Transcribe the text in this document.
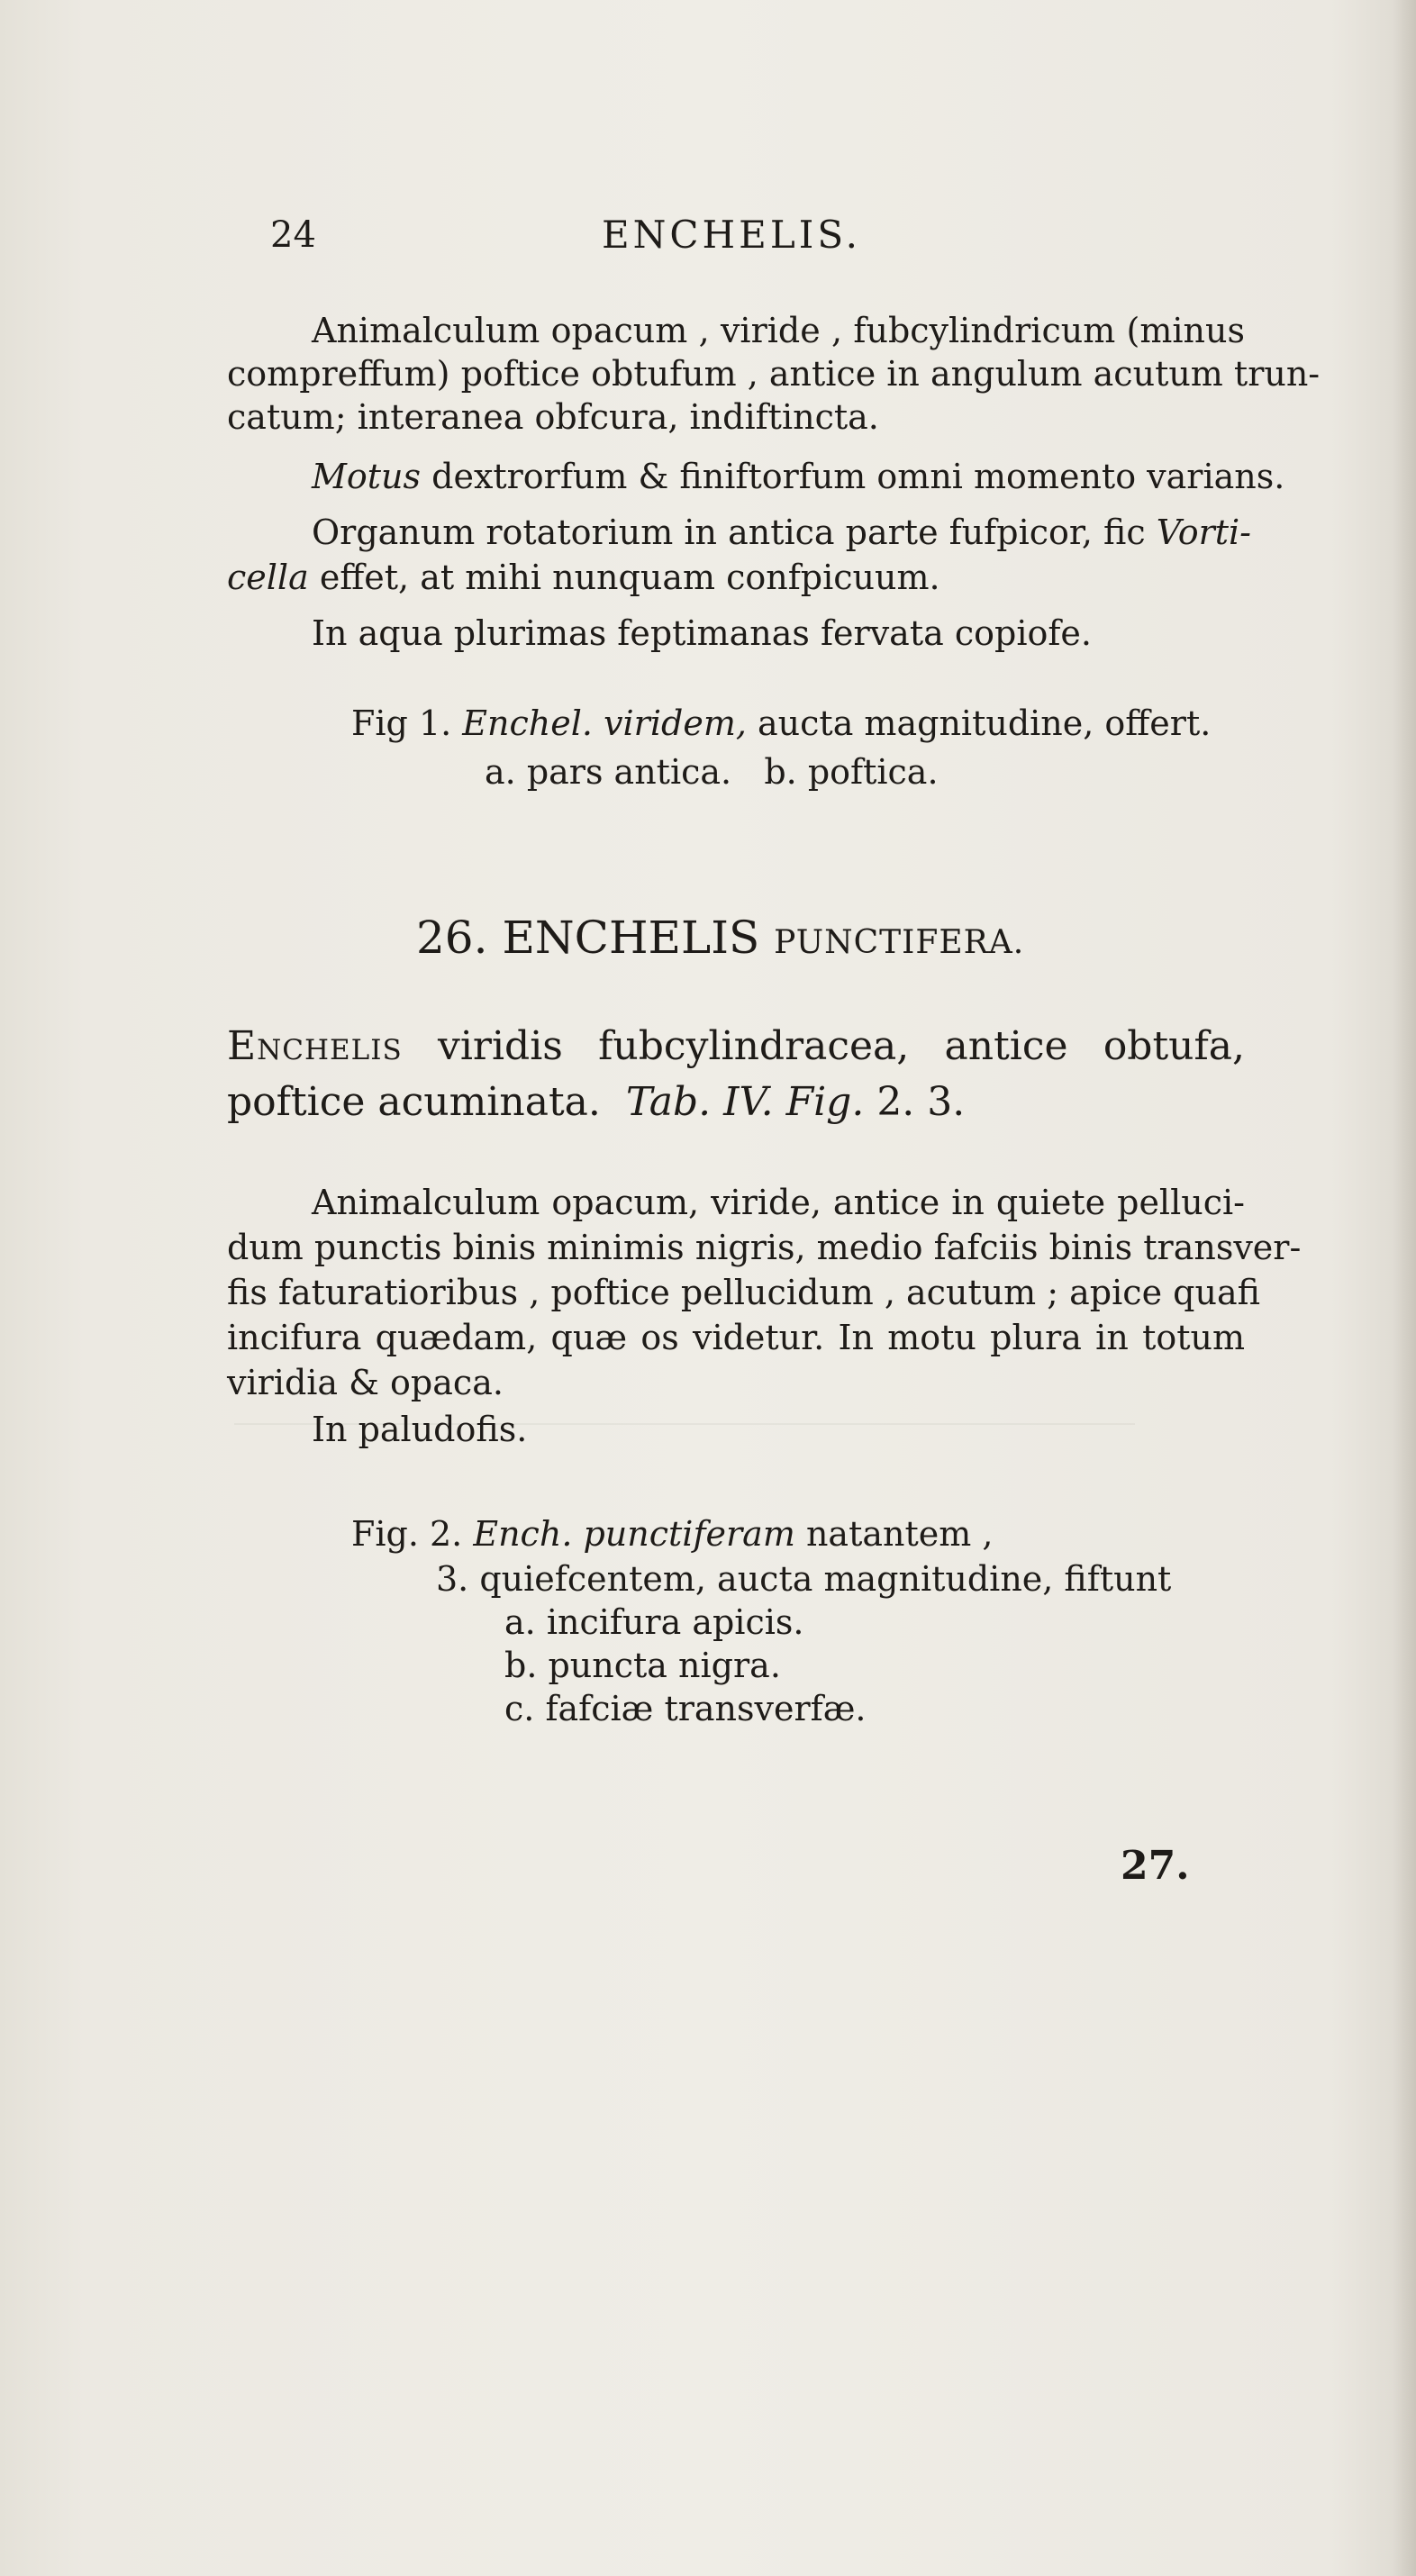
24	ENCHELIS.
Animalculum opacum , viride , fubcylindricum (minus
compreffum) poftice obtufum , antice in angulum acutum trun-
catum; interanea obfcura, indiftincta.
Motus dextrorfum & finiftorfum omni momento varians.
Organum rotatorium in antica parte fufpicor, fic Vorti-
cella effet, at mihi nunquam confpicuum.
In aqua plurimas feptimanas fervata copiofe.
Fig 1. Enchel. viridem, aucta magnitudine, offert.
a. pars antica.   b. poftica.
26. ENCHELIS PUNCTIFERA.
Enchelis viridis fubcylindracea, antice obtufa,
poftice acuminata.  Tab. IV. Fig. 2. 3.
Animalculum opacum, viride, antice in quiete pelluci-
dum punctis binis minimis nigris, medio fafciis binis transver-
fis faturatioribus , poftice pellucidum , acutum ; apice quafi
incifura quædam, quæ os videtur. In motu plura in totum
viridia & opaca.
In paludofis.
Fig. 2. Ench. punctiferam natantem ,
3. quiefcentem, aucta magnitudine, fiftunt
a. incifura apicis.
b. puncta nigra.
c. fafciæ transverfæ.
27.
